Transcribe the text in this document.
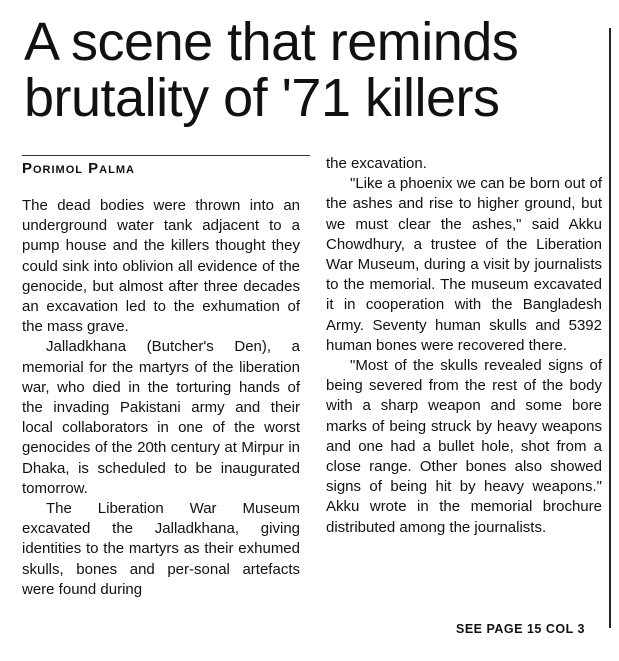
A scene that reminds brutality of '71 killers
Porimol Palma

The dead bodies were thrown into an underground water tank adjacent to a pump house and the killers thought they could sink into oblivion all evidence of the genocide, but almost after three decades an excavation led to the exhumation of the mass grave.

Jalladkhana (Butcher's Den), a memorial for the martyrs of the liberation war, who died in the torturing hands of the invading Pakistani army and their local collaborators in one of the worst genocides of the 20th century at Mirpur in Dhaka, is scheduled to be inaugurated tomorrow.

The Liberation War Museum excavated the Jalladkhana, giving identities to the martyrs as their exhumed skulls, bones and per-sonal artefacts were found during

the excavation.

"Like a phoenix we can be born out of the ashes and rise to higher ground, but we must clear the ashes," said Akku Chowdhury, a trustee of the Liberation War Museum, during a visit by journalists to the memorial. The museum excavated it in cooperation with the Bangladesh Army. Seventy human skulls and 5392 human bones were recovered there.

"Most of the skulls revealed signs of being severed from the rest of the body with a sharp weapon and some bore marks of being struck by heavy weapons and one had a bullet hole, shot from a close range. Other bones also showed signs of being hit by heavy weapons." Akku wrote in the memorial brochure distributed among the journalists.

SEE PAGE 15 COL 3
